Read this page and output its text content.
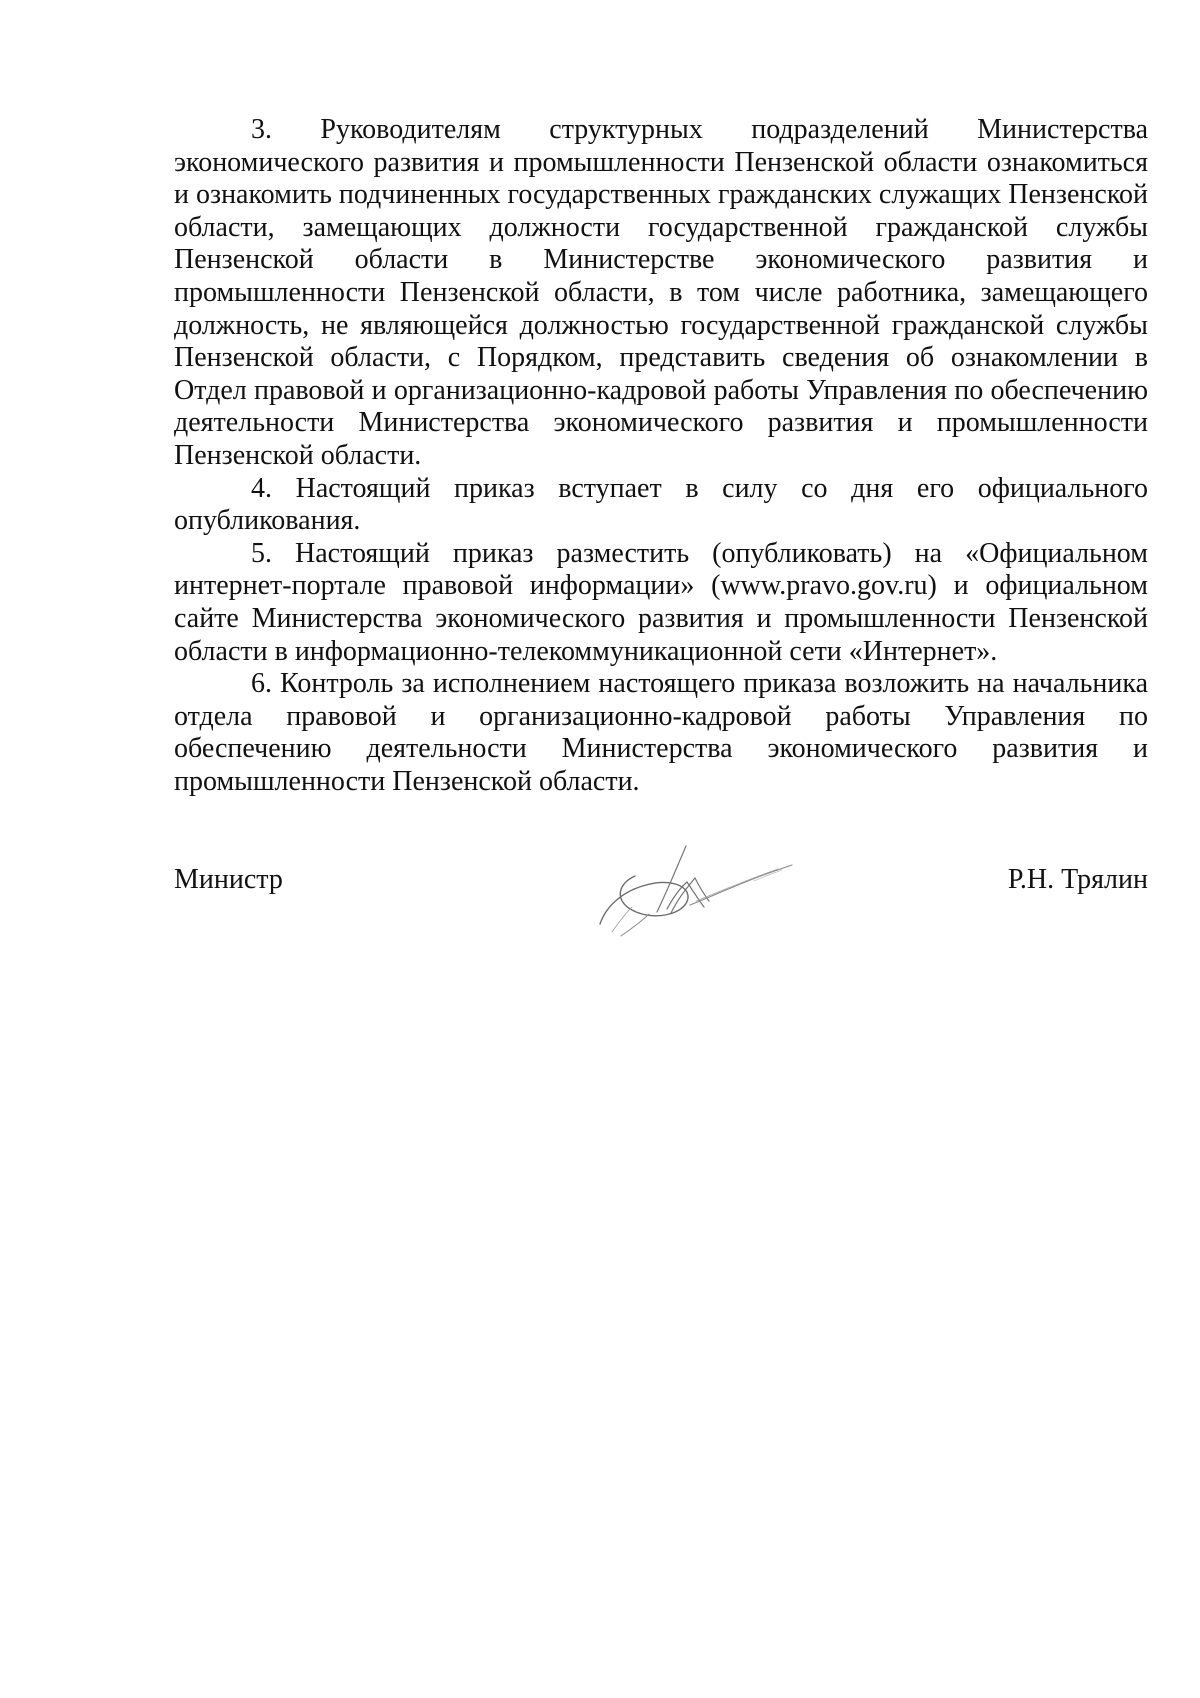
3. Руководителям структурных подразделений Министерства экономического развития и промышленности Пензенской области ознакомиться и ознакомить подчиненных государственных гражданских служащих Пензенской области, замещающих должности государственной гражданской службы Пензенской области в Министерстве экономического развития и промышленности Пензенской области, в том числе работника, замещающего должность, не являющейся должностью государственной гражданской службы Пензенской области, с Порядком, представить сведения об ознакомлении в Отдел правовой и организационно-кадровой работы Управления по обеспечению деятельности Министерства экономического развития и промышленности Пензенской области.

4. Настоящий приказ вступает в силу со дня его официального опубликования.

5. Настоящий приказ разместить (опубликовать) на «Официальном интернет-портале правовой информации» (www.pravo.gov.ru) и официальном сайте Министерства экономического развития и промышленности Пензенской области в информационно-телекоммуникационной сети «Интернет».

6. Контроль за исполнением настоящего приказа возложить на начальника отдела правовой и организационно-кадровой работы Управления по обеспечению деятельности Министерства экономического развития и промышленности Пензенской области.

Министр	Р.Н. Трялин
